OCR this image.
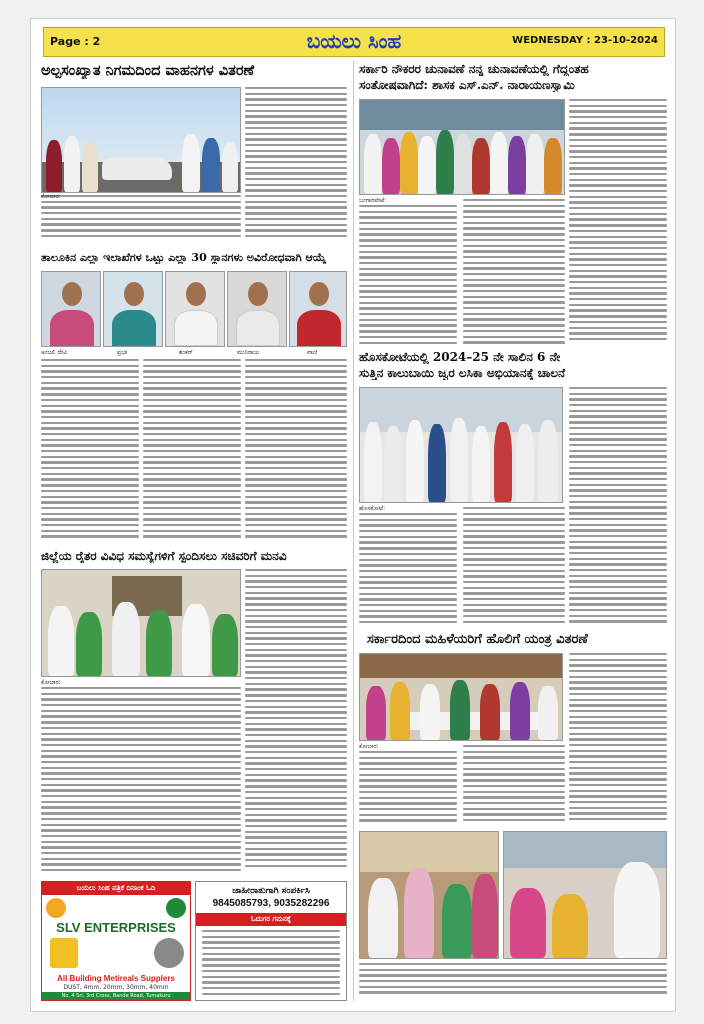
Page : 2	ಬಯಲು ಸಿಂಹ	WEDNESDAY : 23-10-2024
ಅಲ್ಪಸಂಖ್ಯಾತ ನಿಗಮದಿಂದ ವಾಹನಗಳ ವಿತರಣೆ
ಕೋಲಾರ:
ತಾಲೂಕಿನ ಎಲ್ಲಾ ಇಲಾಖೆಗಳ ಒಟ್ಟು ಎಲ್ಲಾ 30 ಸ್ಥಾನಗಳು ಅವಿರೋಧವಾಗಿ ಆಯ್ಕೆ
ಅಂಜಲಿ ದೇವಿ	ಪ್ರಭಾ	ಶಂಕರ್	ಮುನಿರಾಜು	ವಾಣಿ
ಜಿಲ್ಲೆಯ ರೈತರ ವಿವಿಧ ಸಮಸ್ಯೆಗಳಿಗೆ ಸ್ಪಂದಿಸಲು ಸಚಿವರಿಗೆ ಮನವಿ
ಕೋಲಾರ:
ಬಯಲು ಸಿಂಹ ಪತ್ರಿಕೆ ದಿನಾಂಕ ಓದಿ
SLV ENTERPRISES
All Building Metireals Supplers
DUST, 4mm, 20mm, 30mm, 40mm
No. 4 Sri, 3rd Cross, Bande Road, Tumakuru
ಜಾಹೀರಾತುಗಾಗಿ ಸಂಪರ್ಕಿಸಿ
9845085793, 9035282296
ಓದುಗರ ಗಮನಕ್ಕೆ
ಸರ್ಕಾರಿ ನೌಕರರ ಚುನಾವಣೆ ನನ್ನ ಚುನಾವಣೆಯಲ್ಲಿ ಗೆದ್ದಂತಹ
ಸಂತೋಷವಾಗಿದೆ: ಶಾಸಕ ಎಸ್.ಎನ್. ನಾರಾಯಣಸ್ವಾಮಿ
ಬಂಗಾರಪೇಟೆ:
ಹೊಸಕೋಟೆಯಲ್ಲಿ 2024–25 ನೇ ಸಾಲಿನ 6 ನೇ
ಸುತ್ತಿನ ಕಾಲುಬಾಯಿ ಜ್ವರ ಲಸಿಕಾ ಅಭಿಯಾನಕ್ಕೆ ಚಾಲನೆ
ಹೊಸಕೋಟೆ:
ಸರ್ಕಾರದಿಂದ ಮಹಿಳೆಯರಿಗೆ ಹೊಲಿಗೆ ಯಂತ್ರ ವಿತರಣೆ
ಕೋಲಾರ:
